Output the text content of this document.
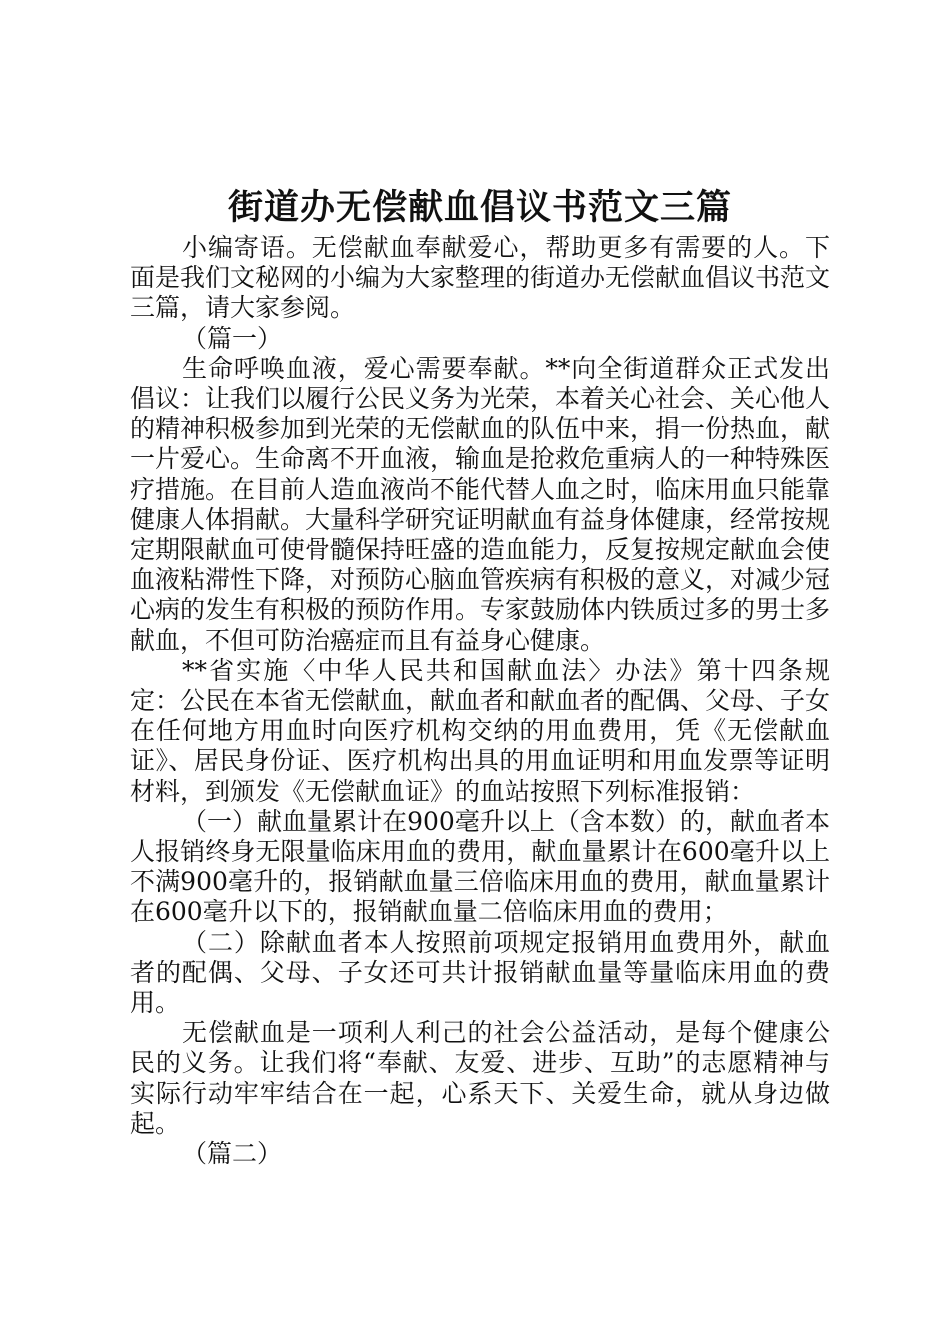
街道办无偿献血倡议书范文三篇

小编寄语。无偿献血奉献爱心，帮助更多有需要的人。下面是我们文秘网的小编为大家整理的街道办无偿献血倡议书范文三篇，请大家参阅。

（篇一）

生命呼唤血液，爱心需要奉献。**向全街道群众正式发出倡议：让我们以履行公民义务为光荣，本着关心社会、关心他人的精神积极参加到光荣的无偿献血的队伍中来，捐一份热血，献一片爱心。生命离不开血液，输血是抢救危重病人的一种特殊医疗措施。在目前人造血液尚不能代替人血之时，临床用血只能靠健康人体捐献。大量科学研究证明献血有益身体健康，经常按规定期限献血可使骨髓保持旺盛的造血能力，反复按规定献血会使血液粘滞性下降，对预防心脑血管疾病有积极的意义，对减少冠心病的发生有积极的预防作用。专家鼓励体内铁质过多的男士多献血，不但可防治癌症而且有益身心健康。

**省实施〈中华人民共和国献血法〉办法》第十四条规定：公民在本省无偿献血，献血者和献血者的配偶、父母、子女在任何地方用血时向医疗机构交纳的用血费用，凭《无偿献血证》、居民身份证、医疗机构出具的用血证明和用血发票等证明材料，到颁发《无偿献血证》的血站按照下列标准报销：

（一）献血量累计在900毫升以上（含本数）的，献血者本人报销终身无限量临床用血的费用，献血量累计在600毫升以上不满900毫升的，报销献血量三倍临床用血的费用，献血量累计在600毫升以下的，报销献血量二倍临床用血的费用；

（二）除献血者本人按照前项规定报销用血费用外，献血者的配偶、父母、子女还可共计报销献血量等量临床用血的费用。

无偿献血是一项利人利己的社会公益活动，是每个健康公民的义务。让我们将“奉献、友爱、进步、互助”的志愿精神与实际行动牢牢结合在一起，心系天下、关爱生命，就从身边做起。

（篇二）
